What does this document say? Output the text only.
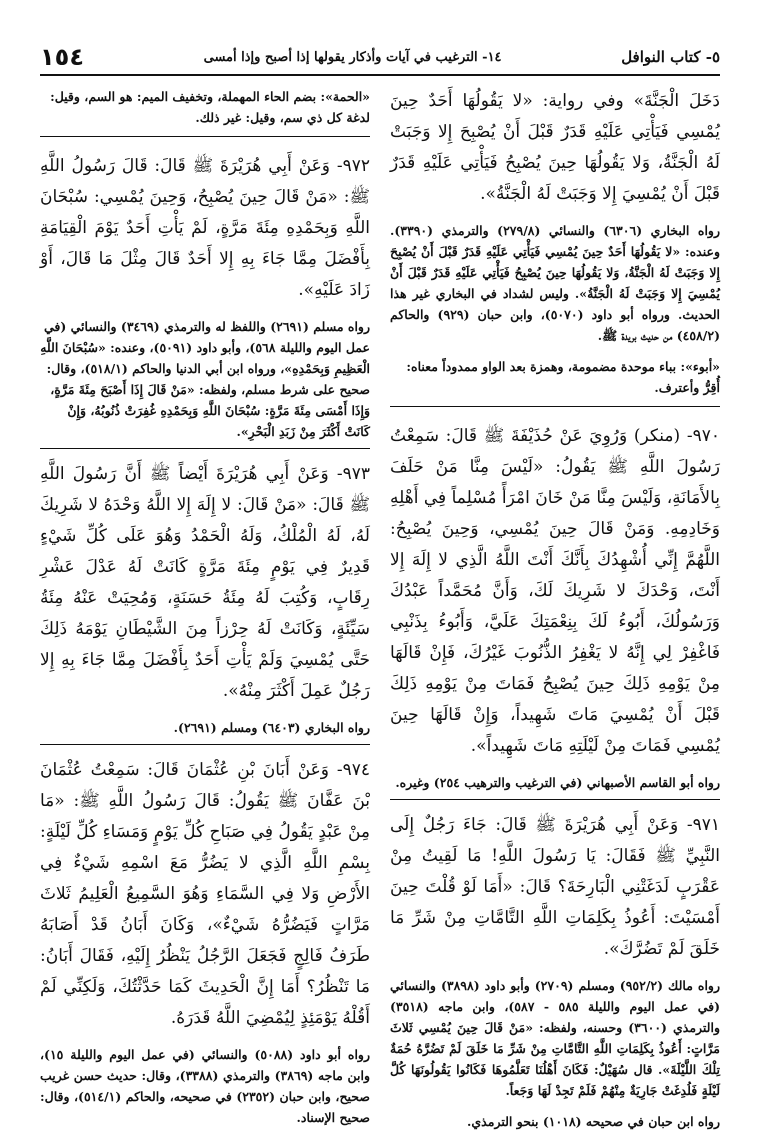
٥- كتاب النوافل
١٤- الترغيب في آيات وأذكار يقولها إذا أصبح وإذا أمسى
١٥٤

دَخَلَ الْجَنَّةَ» وفي رواية: «لا يَقُولُهَا أَحَدٌ حِينَ يُمْسِي فَيَأْتِي عَلَيْهِ قَدَرٌ قَبْلَ أَنْ يُصْبِحَ إِلا وَجَبَتْ لَهُ الْجَنَّةُ، وَلا يَقُولُهَا حِينَ يُصْبِحُ فَيَأْتِي عَلَيْهِ قَدَرٌ قَبْلَ أَنْ يُمْسِيَ إِلا وَجَبَتْ لَهُ الْجَنَّةُ».

رواه البخاري (٦٣٠٦) والنسائي (٢٧٩/٨) والترمذي (٣٣٩٠). وعنده: «لا يَقُولُهَا أَحَدٌ حِينَ يُمْسِي فَيَأْتِي عَلَيْهِ قَدَرٌ قَبْلَ أَنْ يُصْبِحَ إِلا وَجَبَتْ لَهُ الْجَنَّةُ، وَلا يَقُولُهَا حِينَ يُصْبِحُ فَيَأْتِي عَلَيْهِ قَدَرٌ قَبْلَ أَنْ يُمْسِيَ إِلا وَجَبَتْ لَهُ الْجَنَّةُ». وليس لشداد في البخاري غير هذا الحديث. ورواه أبو داود (٥٠٧٠)، وابن حبان (٩٢٩) والحاكم (٤٥٨/٢) من حديث بريدة ﷺ.

«أبوء»: بباء موحدة مضمومة، وهمزة بعد الواو ممدوداً معناه: أُقِرُّ وأعترف.

٩٧٠- (منكر) وَرُوِيَ عَنْ حُذَيْفَةَ ﷺ قَالَ: سَمِعْتُ رَسُولَ اللَّهِ ﷺ يَقُولُ: «لَيْسَ مِنَّا مَنْ حَلَفَ بِالأَمَانَةِ، وَلَيْسَ مِنَّا مَنْ خَانَ امْرَأً مُسْلِماً فِي أَهْلِهِ وَخَادِمِهِ. وَمَنْ قَالَ حِينَ يُمْسِي، وَحِينَ يُصْبِحُ: اللَّهُمَّ إِنِّي أُشْهِدُكَ بِأَنَّكَ أَنْتَ اللَّهُ الَّذِي لا إِلَهَ إِلا أَنْتَ، وَحْدَكَ لا شَرِيكَ لَكَ، وَأَنَّ مُحَمَّداً عَبْدُكَ وَرَسُولُكَ، أَبُوءُ لَكَ بِنِعْمَتِكَ عَلَيَّ، وَأَبُوءُ بِذَنْبِي فَاغْفِرْ لِي إِنَّهُ لا يَغْفِرُ الذُّنُوبَ غَيْرُكَ، فَإِنْ قَالَهَا مِنْ يَوْمِهِ ذَلِكَ حِينَ يُصْبِحُ فَمَاتَ مِنْ يَوْمِهِ ذَلِكَ قَبْلَ أَنْ يُمْسِيَ مَاتَ شَهِيداً، وَإِنْ قَالَهَا حِينَ يُمْسِي فَمَاتَ مِنْ لَيْلَتِهِ مَاتَ شَهِيداً».

رواه أبو القاسم الأصبهاني (في الترغيب والترهيب ٢٥٤) وغيره.

٩٧١- وَعَنْ أَبِي هُرَيْرَةَ ﷺ قَالَ: جَاءَ رَجُلٌ إِلَى النَّبِيِّ ﷺ فَقَالَ: يَا رَسُولَ اللَّهِ! مَا لَقِيتُ مِنْ عَقْرَبٍ لَدَغَتْنِي الْبَارِحَةَ؟ قَالَ: «أَمَا لَوْ قُلْتَ حِينَ أَمْسَيْتَ: أَعُوذُ بِكَلِمَاتِ اللَّهِ التَّامَّاتِ مِنْ شَرِّ مَا خَلَقَ لَمْ تَضُرَّكَ».

رواه مالك (٩٥٢/٢) ومسلم (٢٧٠٩) وأبو داود (٣٨٩٨) والنسائي (في عمل اليوم والليلة ٥٨٥ - ٥٨٧)، وابن ماجه (٣٥١٨) والترمذي (٣٦٠٠) وحسنه، ولفظه: «مَنْ قَالَ حِينَ يُمْسِي ثَلاثَ مَرَّاتٍ: أَعُوذُ بِكَلِمَاتِ اللَّهِ التَّامَّاتِ مِنْ شَرِّ مَا خَلَقَ لَمْ تَضُرَّهُ حُمَةٌ تِلْكَ اللَّيْلَةَ». قال سُهَيْلٌ: فَكَانَ أَهْلُنَا تَعَلَّمُوهَا فَكَانُوا يَقُولُونَهَا كُلَّ لَيْلَةٍ فَلُدِغَتْ جَارِيَةٌ مِنْهُمْ فَلَمْ تَجِدْ لَهَا وَجَعاً.

رواه ابن حبان في صحيحه (١٠١٨) بنحو الترمذي.

«الحمة»: بضم الحاء المهملة، وتخفيف الميم: هو السم، وقيل: لدغة كل ذي سم، وقيل: غير ذلك.

٩٧٢- وَعَنْ أَبِي هُرَيْرَةَ ﷺ قَالَ: قَالَ رَسُولُ اللَّهِ ﷺ: «مَنْ قَالَ حِينَ يُصْبِحُ، وَحِينَ يُمْسِي: سُبْحَانَ اللَّهِ وَبِحَمْدِهِ مِئَةَ مَرَّةٍ، لَمْ يَأْتِ أَحَدٌ يَوْمَ الْقِيَامَةِ بِأَفْضَلَ مِمَّا جَاءَ بِهِ إِلا أَحَدٌ قَالَ مِثْلَ مَا قَالَ، أَوْ زَادَ عَلَيْهِ».

رواه مسلم (٢٦٩١) واللفظ له والترمذي (٣٤٦٩) والنسائي (في عمل اليوم والليلة ٥٦٨)، وأبو داود (٥٠٩١)، وعنده: «سُبْحَانَ اللَّهِ الْعَظِيمِ وَبِحَمْدِهِ»، ورواه ابن أبي الدنيا والحاكم (٥١٨/١)، وقال: صحيح على شرط مسلم، ولفظه: «مَنْ قَالَ إِذَا أَصْبَحَ مِئَةَ مَرَّةٍ، وَإِذَا أَمْسَى مِئَةَ مَرَّةٍ: سُبْحَانَ اللَّهِ وَبِحَمْدِهِ غُفِرَتْ ذُنُوبُهُ، وَإِنْ كَانَتْ أَكْثَرَ مِنْ زَبَدِ الْبَحْرِ».

٩٧٣- وَعَنْ أَبِي هُرَيْرَةَ أَيْضاً ﷺ أَنَّ رَسُولَ اللَّهِ ﷺ قَالَ: «مَنْ قَالَ: لا إِلَهَ إِلا اللَّهُ وَحْدَهُ لا شَرِيكَ لَهُ، لَهُ الْمُلْكُ، وَلَهُ الْحَمْدُ وَهُوَ عَلَى كُلِّ شَيْءٍ قَدِيرٌ فِي يَوْمٍ مِئَةَ مَرَّةٍ كَانَتْ لَهُ عَدْلَ عَشْرِ رِقَابٍ، وَكُتِبَ لَهُ مِئَةُ حَسَنَةٍ، وَمُحِيَتْ عَنْهُ مِئَةُ سَيِّئَةٍ، وَكَانَتْ لَهُ حِرْزاً مِنَ الشَّيْطَانِ يَوْمَهُ ذَلِكَ حَتَّى يُمْسِيَ وَلَمْ يَأْتِ أَحَدٌ بِأَفْضَلَ مِمَّا جَاءَ بِهِ إِلا رَجُلٌ عَمِلَ أَكْثَرَ مِنْهُ».

رواه البخاري (٦٤٠٣) ومسلم (٢٦٩١).

٩٧٤- وَعَنْ أَبَانَ بْنِ عُثْمَانَ قَالَ: سَمِعْتُ عُثْمَانَ بْنَ عَفَّانَ ﷺ يَقُولُ: قَالَ رَسُولُ اللَّهِ ﷺ: «مَا مِنْ عَبْدٍ يَقُولُ فِي صَبَاحِ كُلِّ يَوْمٍ وَمَسَاءِ كُلِّ لَيْلَةٍ: بِسْمِ اللَّهِ الَّذِي لا يَضُرُّ مَعَ اسْمِهِ شَيْءٌ فِي الأَرْضِ وَلا فِي السَّمَاءِ وَهُوَ السَّمِيعُ الْعَلِيمُ ثَلاثَ مَرَّاتٍ فَيَضُرُّهُ شَيْءٌ»، وَكَانَ أَبَانُ قَدْ أَصَابَهُ طَرَفُ فَالِجٍ فَجَعَلَ الرَّجُلُ يَنْظُرُ إِلَيْهِ، فَقَالَ أَبَانُ: مَا تَنْظُرُ؟ أَمَا إِنَّ الْحَدِيثَ كَمَا حَدَّثْتُكَ، وَلَكِنِّي لَمْ أَقُلْهُ يَوْمَئِذٍ لِيُمْضِيَ اللَّهُ قَدَرَهُ.

رواه أبو داود (٥٠٨٨) والنسائي (في عمل اليوم والليلة ١٥)، وابن ماجه (٣٨٦٩) والترمذي (٣٣٨٨)، وقال: حديث حسن غريب صحيح، وابن حبان (٢٣٥٢) في صحيحه، والحاكم (٥١٤/١)، وقال: صحيح الإسناد.
